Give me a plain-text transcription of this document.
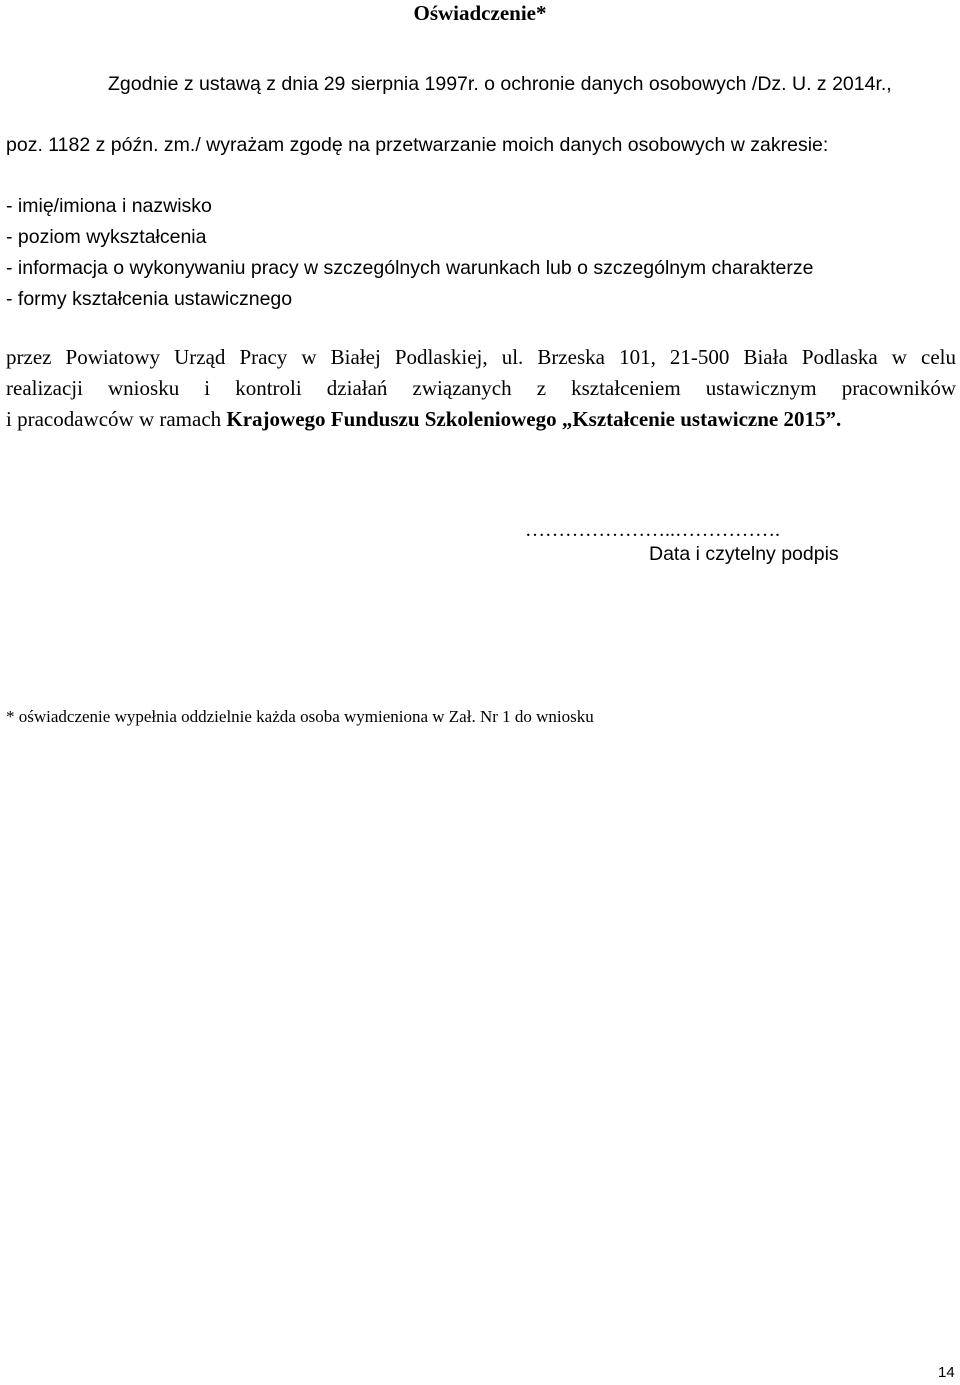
Oświadczenie*
Zgodnie z ustawą z dnia 29 sierpnia 1997r. o ochronie danych osobowych /Dz. U. z 2014r.,
poz. 1182 z późn. zm./ wyrażam zgodę na przetwarzanie moich danych osobowych w zakresie:
- imię/imiona i nazwisko
- poziom wykształcenia
- informacja o wykonywaniu pracy w szczególnych warunkach lub o szczególnym charakterze
- formy kształcenia ustawicznego
przez Powiatowy Urząd Pracy w Białej Podlaskiej, ul. Brzeska 101, 21-500 Biała Podlaska w celu
realizacji wniosku i kontroli działań związanych z kształceniem ustawicznym pracowników
i pracodawców w ramach Krajowego Funduszu Szkoleniowego „Kształcenie ustawiczne 2015”.
…………………..…………….
Data i czytelny podpis
* oświadczenie wypełnia oddzielnie każda osoba wymieniona w Zał. Nr 1 do wniosku
14
